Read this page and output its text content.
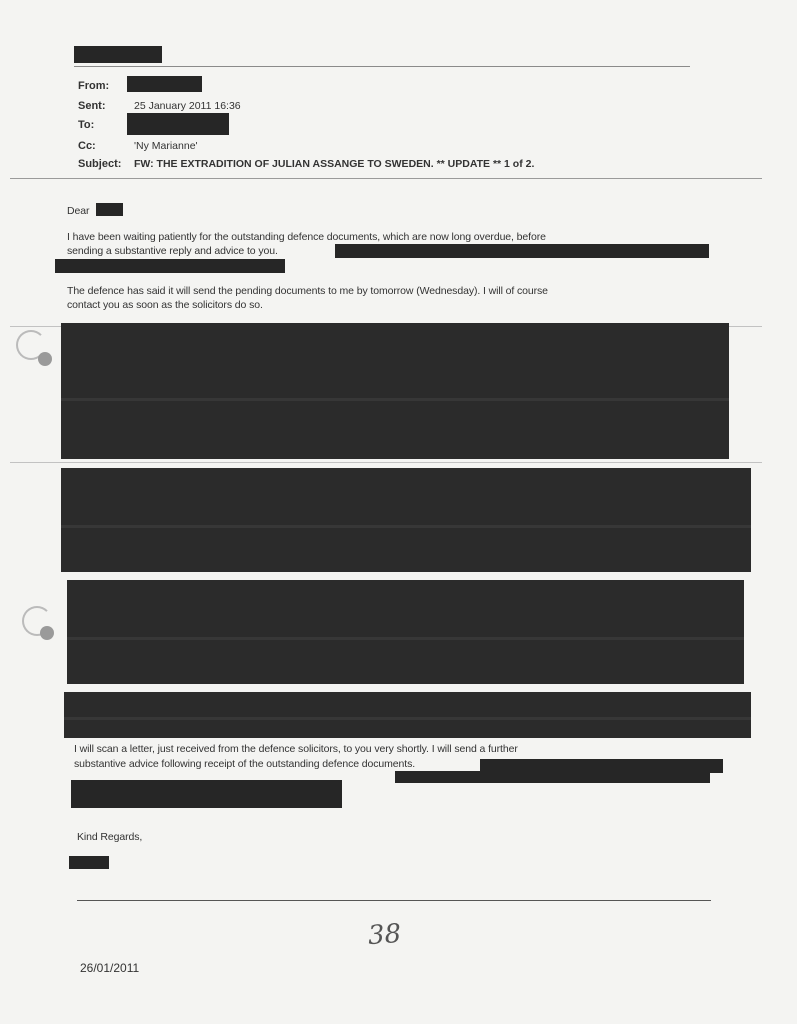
From:
Sent:	25 January 2011 16:36
To:
Cc:	'Ny Marianne'
Subject: FW: THE EXTRADITION OF JULIAN ASSANGE TO SWEDEN. ** UPDATE ** 1 of 2.
Dear
I have been waiting patiently for the outstanding defence documents, which are now long overdue, before
sending a substantive reply and advice to you.
The defence has said it will send the pending documents to me by tomorrow (Wednesday). I will of course
contact you as soon as the solicitors do so.
I will scan a letter, just received from the defence solicitors, to you very shortly. I will send a further
substantive advice following receipt of the outstanding defence documents.
Kind Regards,
38
26/01/2011
